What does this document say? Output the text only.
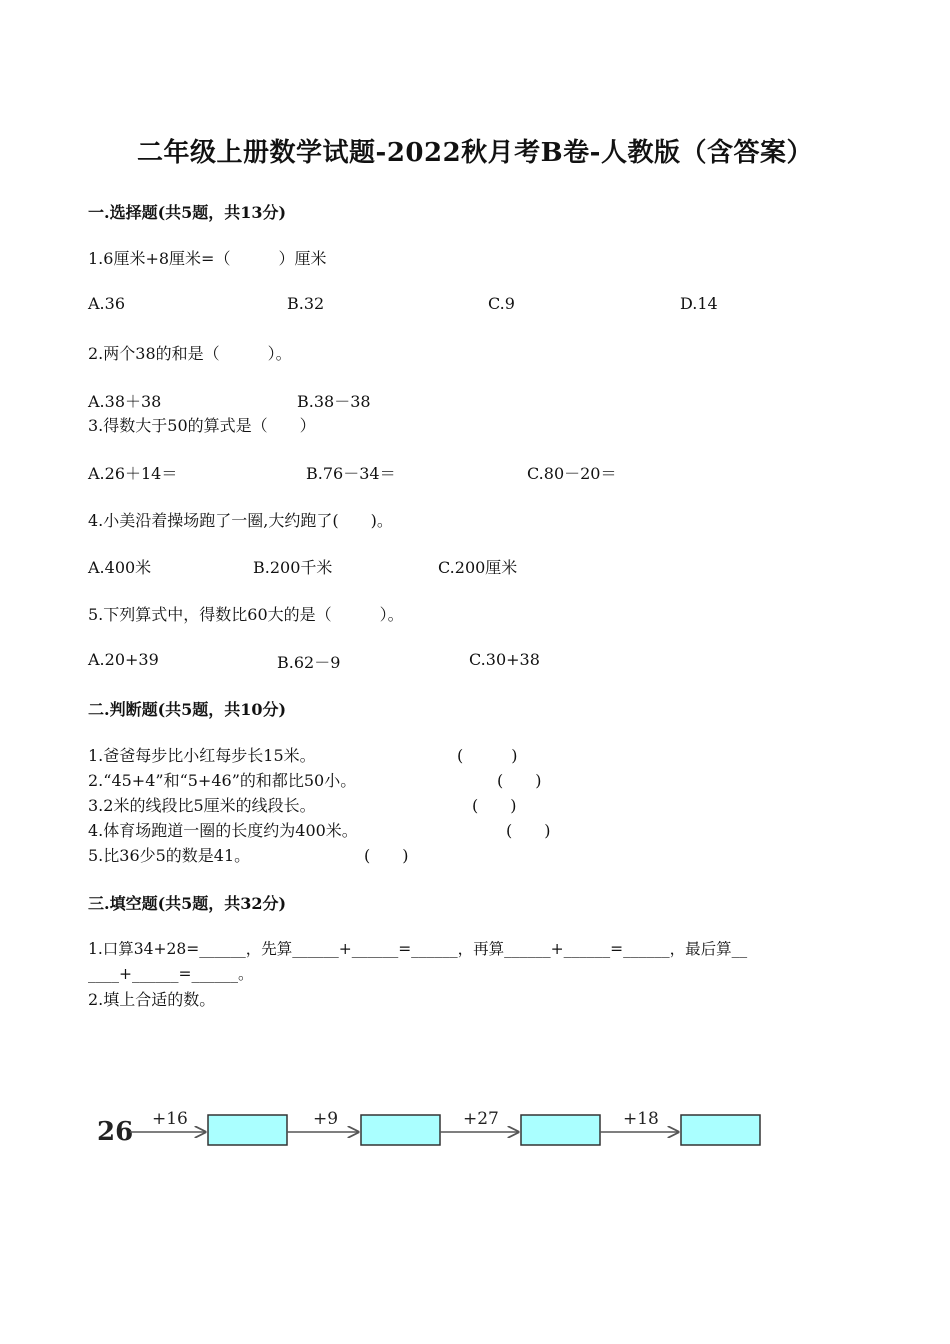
二年级上册数学试题-2022秋月考B卷-人教版（含答案）
一.选择题(共5题，共13分)
1.6厘米+8厘米=（　　　）厘米
A.36	B.32	C.9	D.14
2.两个38的和是（　　　）。
A.38＋38	B.38－38
3.得数大于50的算式是（　　）
A.26＋14＝	B.76－34＝	C.80－20＝
4.小美沿着操场跑了一圈,大约跑了(　　)。
A.400米	B.200千米	C.200厘米
5.下列算式中，得数比60大的是（　　　）。
A.20+39	B.62－9	C.30+38
二.判断题(共5题，共10分)
1.爸爸每步比小红每步长15米。	(　　　)
2.“45+4”和“5+46”的和都比50小。	(　　)
3.2米的线段比5厘米的线段长。	(　　)
4.体育场跑道一圈的长度约为400米。	(　　)
5.比36少5的数是41。	(　　)
三.填空题(共5题，共32分)
1.口算34+28=______，先算______+______=______，再算______+______=______，最后算__
____+______=______。
2.填上合适的数。
26 +16	+9	+27	+18
